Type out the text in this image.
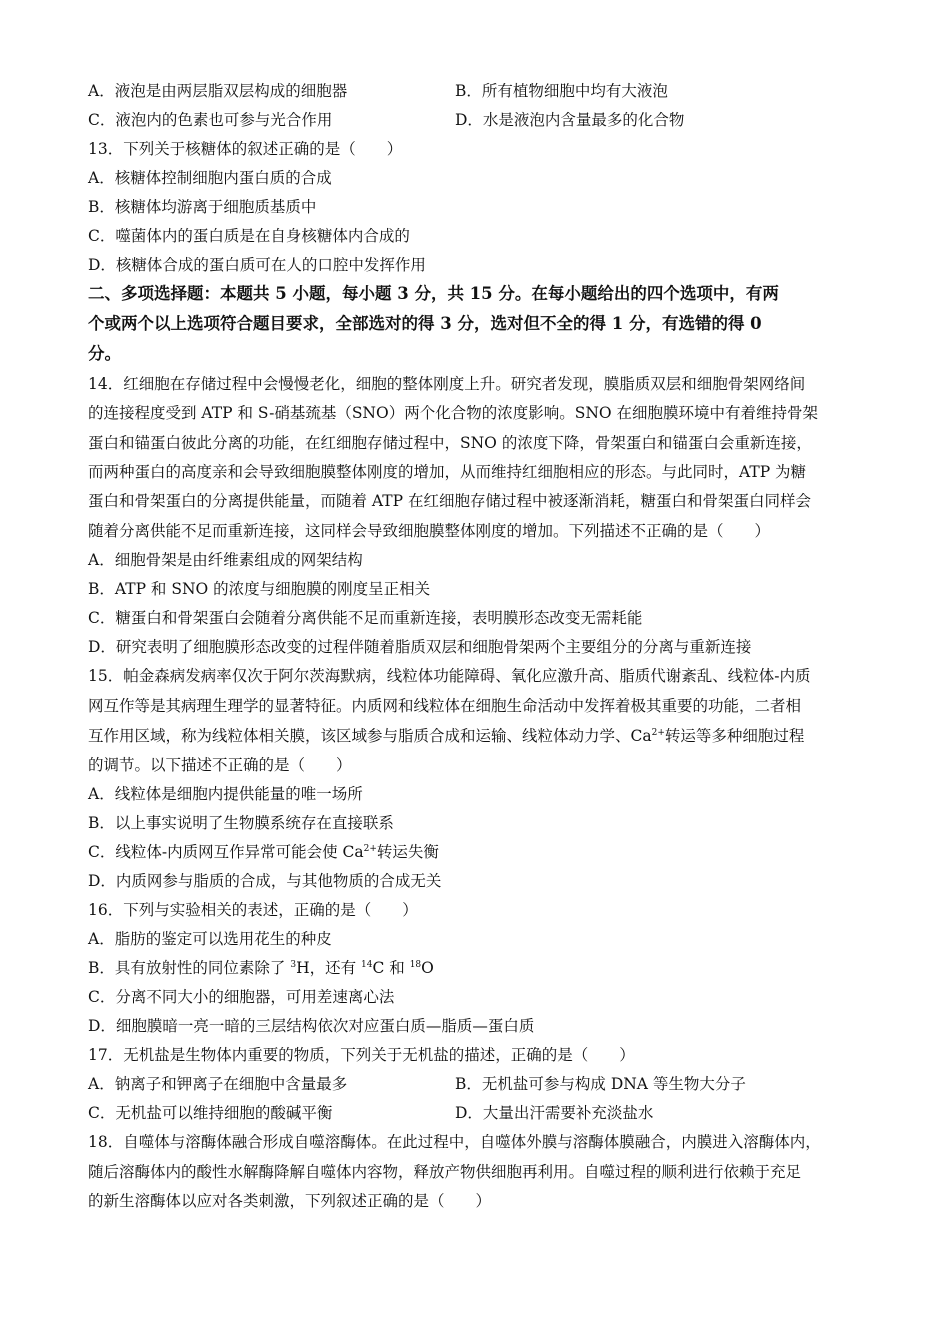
A．液泡是由两层脂双层构成的细胞器	B．所有植物细胞中均有大液泡
C．液泡内的色素也可参与光合作用	D．水是液泡内含量最多的化合物
13．下列关于核糖体的叙述正确的是（　　）
A．核糖体控制细胞内蛋白质的合成
B．核糖体均游离于细胞质基质中
C．噬菌体内的蛋白质是在自身核糖体内合成的
D．核糖体合成的蛋白质可在人的口腔中发挥作用
二、多项选择题：本题共 5 小题，每小题 3 分，共 15 分。在每小题给出的四个选项中，有两
个或两个以上选项符合题目要求，全部选对的得 3 分，选对但不全的得 1 分，有选错的得 0
分。
14．红细胞在存储过程中会慢慢老化，细胞的整体刚度上升。研究者发现，膜脂质双层和细胞骨架网络间
的连接程度受到 ATP 和 S-硝基巯基（SNO）两个化合物的浓度影响。SNO 在细胞膜环境中有着维持骨架
蛋白和锚蛋白彼此分离的功能，在红细胞存储过程中，SNO 的浓度下降，骨架蛋白和锚蛋白会重新连接，
而两种蛋白的高度亲和会导致细胞膜整体刚度的增加，从而维持红细胞相应的形态。与此同时，ATP 为糖
蛋白和骨架蛋白的分离提供能量，而随着 ATP 在红细胞存储过程中被逐渐消耗，糖蛋白和骨架蛋白同样会
随着分离供能不足而重新连接，这同样会导致细胞膜整体刚度的增加。下列描述不正确的是（　　）
A．细胞骨架是由纤维素组成的网架结构
B．ATP 和 SNO 的浓度与细胞膜的刚度呈正相关
C．糖蛋白和骨架蛋白会随着分离供能不足而重新连接，表明膜形态改变无需耗能
D．研究表明了细胞膜形态改变的过程伴随着脂质双层和细胞骨架两个主要组分的分离与重新连接
15．帕金森病发病率仅次于阿尔茨海默病，线粒体功能障碍、氧化应激升高、脂质代谢紊乱、线粒体-内质
网互作等是其病理生理学的显著特征。内质网和线粒体在细胞生命活动中发挥着极其重要的功能，二者相
互作用区域，称为线粒体相关膜，该区域参与脂质合成和运输、线粒体动力学、$Ca^{2+}$转运等多种细胞过程
的调节。以下描述不正确的是（　　）
A．线粒体是细胞内提供能量的唯一场所
B．以上事实说明了生物膜系统存在直接联系
C．线粒体-内质网互作异常可能会使 $Ca^{2+}$转运失衡
D．内质网参与脂质的合成，与其他物质的合成无关
16．下列与实验相关的表述，正确的是（　　）
A．脂肪的鉴定可以选用花生的种皮
B．具有放射性的同位素除了 $^3$H，还有 $^{14}$C 和 $^{18}$O
C．分离不同大小的细胞器，可用差速离心法
D．细胞膜暗一亮一暗的三层结构依次对应蛋白质—脂质—蛋白质
17．无机盐是生物体内重要的物质，下列关于无机盐的描述，正确的是（　　）
A．钠离子和钾离子在细胞中含量最多	B．无机盐可参与构成 DNA 等生物大分子
C．无机盐可以维持细胞的酸碱平衡	D．大量出汗需要补充淡盐水
18．自噬体与溶酶体融合形成自噬溶酶体。在此过程中，自噬体外膜与溶酶体膜融合，内膜进入溶酶体内，
随后溶酶体内的酸性水解酶降解自噬体内容物，释放产物供细胞再利用。自噬过程的顺利进行依赖于充足
的新生溶酶体以应对各类刺激，下列叙述正确的是（　　）
